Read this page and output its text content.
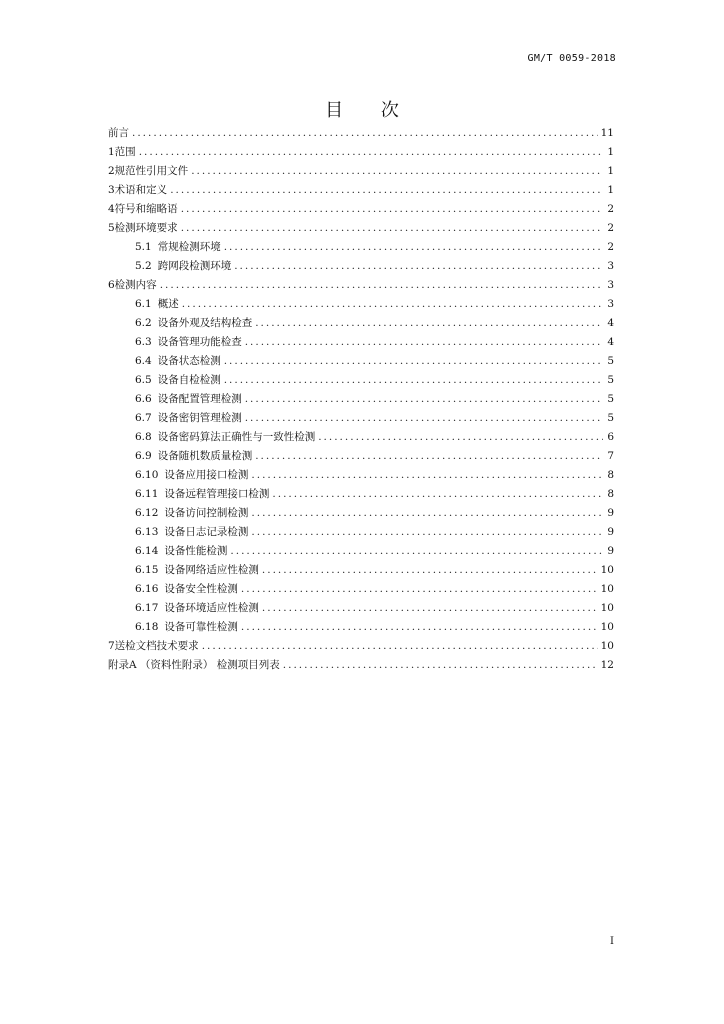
GM/T 0059-2018
目 次
前言 .....	11
1范围 .....	1
2规范性引用文件 .....	1
3术语和定义 .....	1
4符号和缩略语 .....	2
5检测环境要求 .....	2
5.1 常规检测环境 .....	2
5.2 跨网段检测环境 .....	3
6检测内容 .....	3
6.1 概述 .....	3
6.2 设备外观及结构检查 .....	4
6.3 设备管理功能检查 .....	4
6.4 设备状态检测 .....	5
6.5 设备自检检测 .....	5
6.6 设备配置管理检测 .....	5
6.7 设备密钥管理检测 .....	5
6.8 设备密码算法正确性与一致性检测 .....	6
6.9 设备随机数质量检测 .....	7
6.10 设备应用接口检测 .....	8
6.11 设备远程管理接口检测 .....	8
6.12 设备访问控制检测 .....	9
6.13 设备日志记录检测 .....	9
6.14 设备性能检测 .....	9
6.15 设备网络适应性检测 .....	10
6.16 设备安全性检测 .....	10
6.17 设备环境适应性检测 .....	10
6.18 设备可靠性检测 .....	10
7送检文档技术要求 .....	10
附录A （资料性附录） 检测项目列表 .....	12
I
